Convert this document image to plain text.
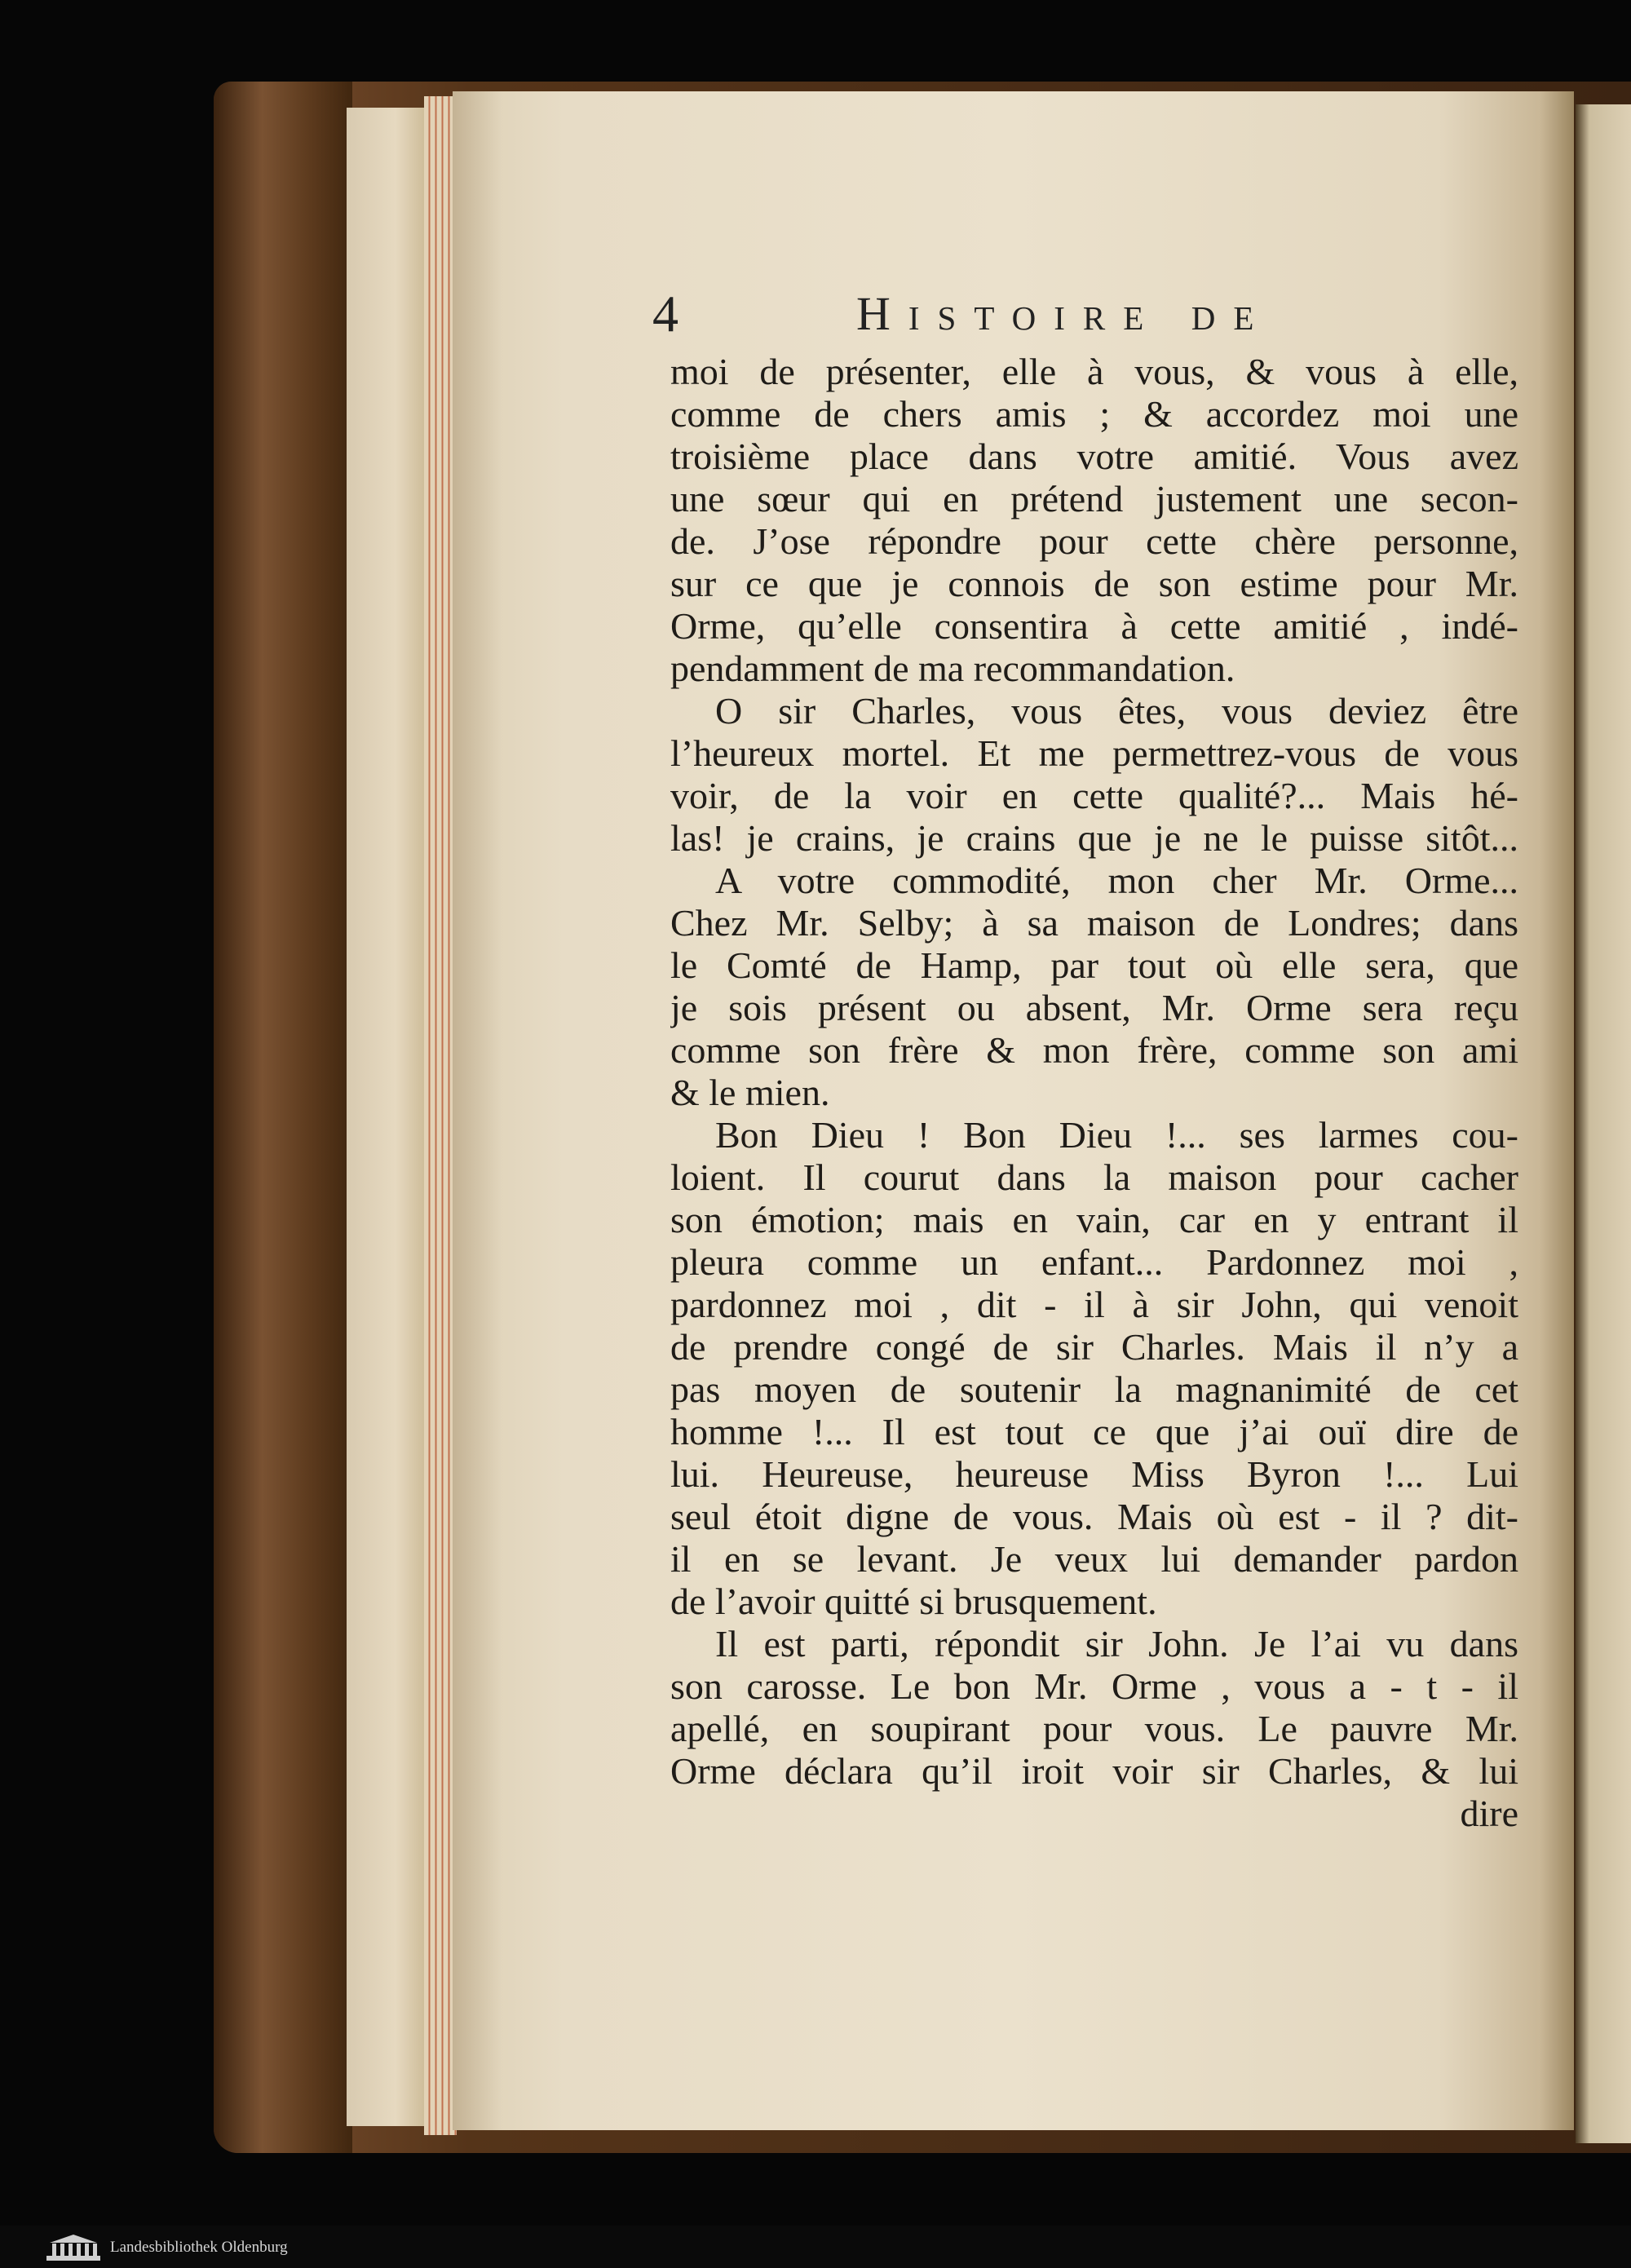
4	Histoire de
moi de présenter, elle à vous, & vous à elle,
comme de chers amis ; & accordez moi une
troisième place dans votre amitié. Vous avez
une sœur qui en prétend justement une secon-
de. J’ose répondre pour cette chère personne,
sur ce que je connois de son estime pour Mr.
Orme, qu’elle consentira à cette amitié , indé-
pendamment de ma recommandation.
O sir Charles, vous êtes, vous deviez être
l’heureux mortel. Et me permettrez-vous de vous
voir, de la voir en cette qualité?... Mais hé-
las! je crains, je crains que je ne le puisse sitôt...
A votre commodité, mon cher Mr. Orme...
Chez Mr. Selby; à sa maison de Londres; dans
le Comté de Hamp, par tout où elle sera, que
je sois présent ou absent, Mr. Orme sera reçu
comme son frère & mon frère, comme son ami
& le mien.
Bon Dieu ! Bon Dieu !... ses larmes cou-
loient. Il courut dans la maison pour cacher
son émotion; mais en vain, car en y entrant il
pleura comme un enfant... Pardonnez moi ,
pardonnez moi , dit - il à sir John, qui venoit
de prendre congé de sir Charles. Mais il n’y a
pas moyen de soutenir la magnanimité de cet
homme !... Il est tout ce que j’ai ouï dire de
lui. Heureuse, heureuse Miss Byron !... Lui
seul étoit digne de vous. Mais où est - il ? dit-
il en se levant. Je veux lui demander pardon
de l’avoir quitté si brusquement.
Il est parti, répondit sir John. Je l’ai vu dans
son carosse. Le bon Mr. Orme , vous a - t - il
apellé, en soupirant pour vous. Le pauvre Mr.
Orme déclara qu’il iroit voir sir Charles, & lui
dire
Landesbibliothek Oldenburg
